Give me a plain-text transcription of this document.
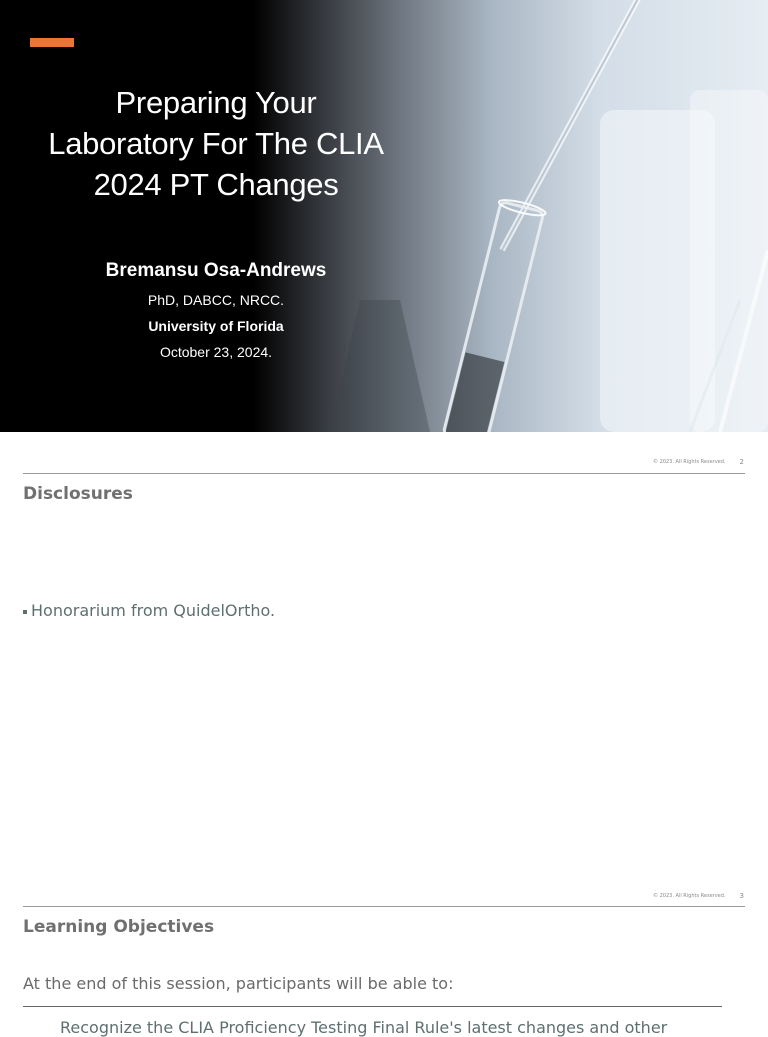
Preparing Your
Laboratory For The CLIA
2024 PT Changes
Bremansu Osa-Andrews
PhD, DABCC, NRCC.
University of Florida
October 23, 2024.
© 2023. All Rights Reserved. 2
Disclosures
Honorarium from QuidelOrtho.
© 2023. All Rights Reserved. 3
Learning Objectives
At the end of this session, participants will be able to:
Recognize the CLIA Proficiency Testing Final Rule's latest changes and other
